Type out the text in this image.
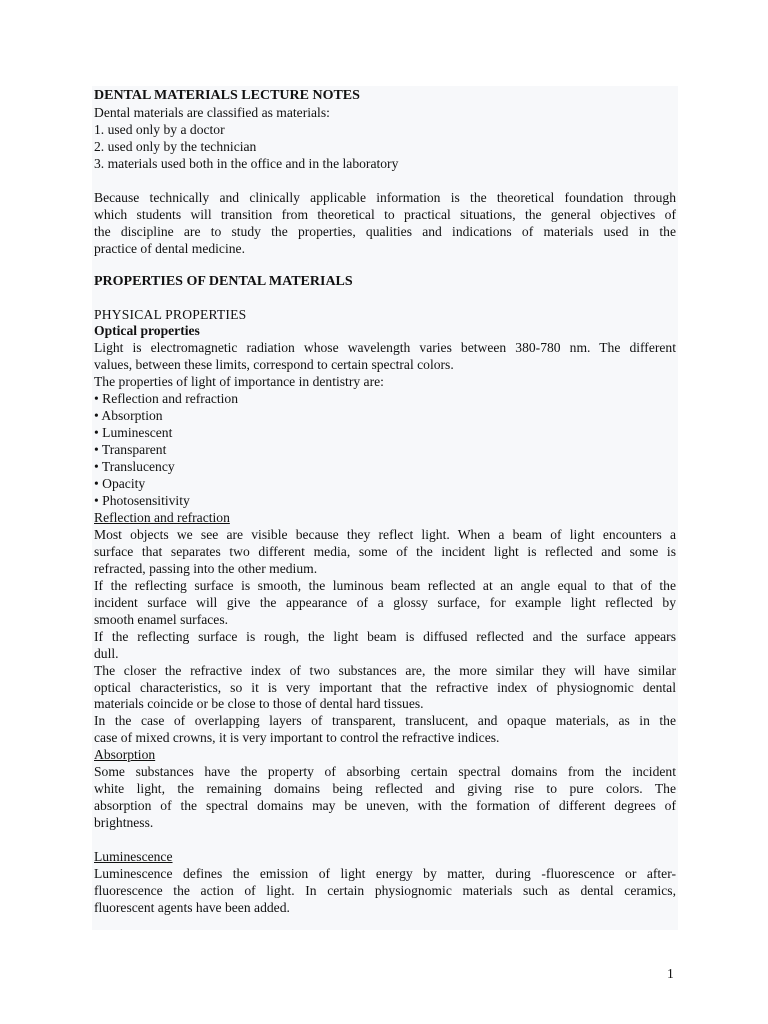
DENTAL MATERIALS LECTURE NOTES
Dental materials are classified as materials:
1. used only by a doctor
2. used only by the technician
3. materials used both in the office and in the laboratory
Because technically and clinically applicable information is the theoretical foundation through
which students will transition from theoretical to practical situations, the general objectives of
the discipline are to study the properties, qualities and indications of materials used in the
practice of dental medicine.
PROPERTIES OF DENTAL MATERIALS
PHYSICAL PROPERTIES
Optical properties
Light is electromagnetic radiation whose wavelength varies between 380-780 nm. The different
values, between these limits, correspond to certain spectral colors.
The properties of light of importance in dentistry are:
• Reflection and refraction
• Absorption
• Luminescent
• Transparent
• Translucency
• Opacity
• Photosensitivity
Reflection and refraction
Most objects we see are visible because they reflect light. When a beam of light encounters a
surface that separates two different media, some of the incident light is reflected and some is
refracted, passing into the other medium.
If the reflecting surface is smooth, the luminous beam reflected at an angle equal to that of the
incident surface will give the appearance of a glossy surface, for example light reflected by
smooth enamel surfaces.
If the reflecting surface is rough, the light beam is diffused reflected and the surface appears
dull.
The closer the refractive index of two substances are, the more similar they will have similar
optical characteristics, so it is very important that the refractive index of physiognomic dental
materials coincide or be close to those of dental hard tissues.
In the case of overlapping layers of transparent, translucent, and opaque materials, as in the
case of mixed crowns, it is very important to control the refractive indices.
Absorption
Some substances have the property of absorbing certain spectral domains from the incident
white light, the remaining domains being reflected and giving rise to pure colors. The
absorption of the spectral domains may be uneven, with the formation of different degrees of
brightness.
Luminescence
Luminescence defines the emission of light energy by matter, during -fluorescence or after-
fluorescence the action of light. In certain physiognomic materials such as dental ceramics,
fluorescent agents have been added.
1
